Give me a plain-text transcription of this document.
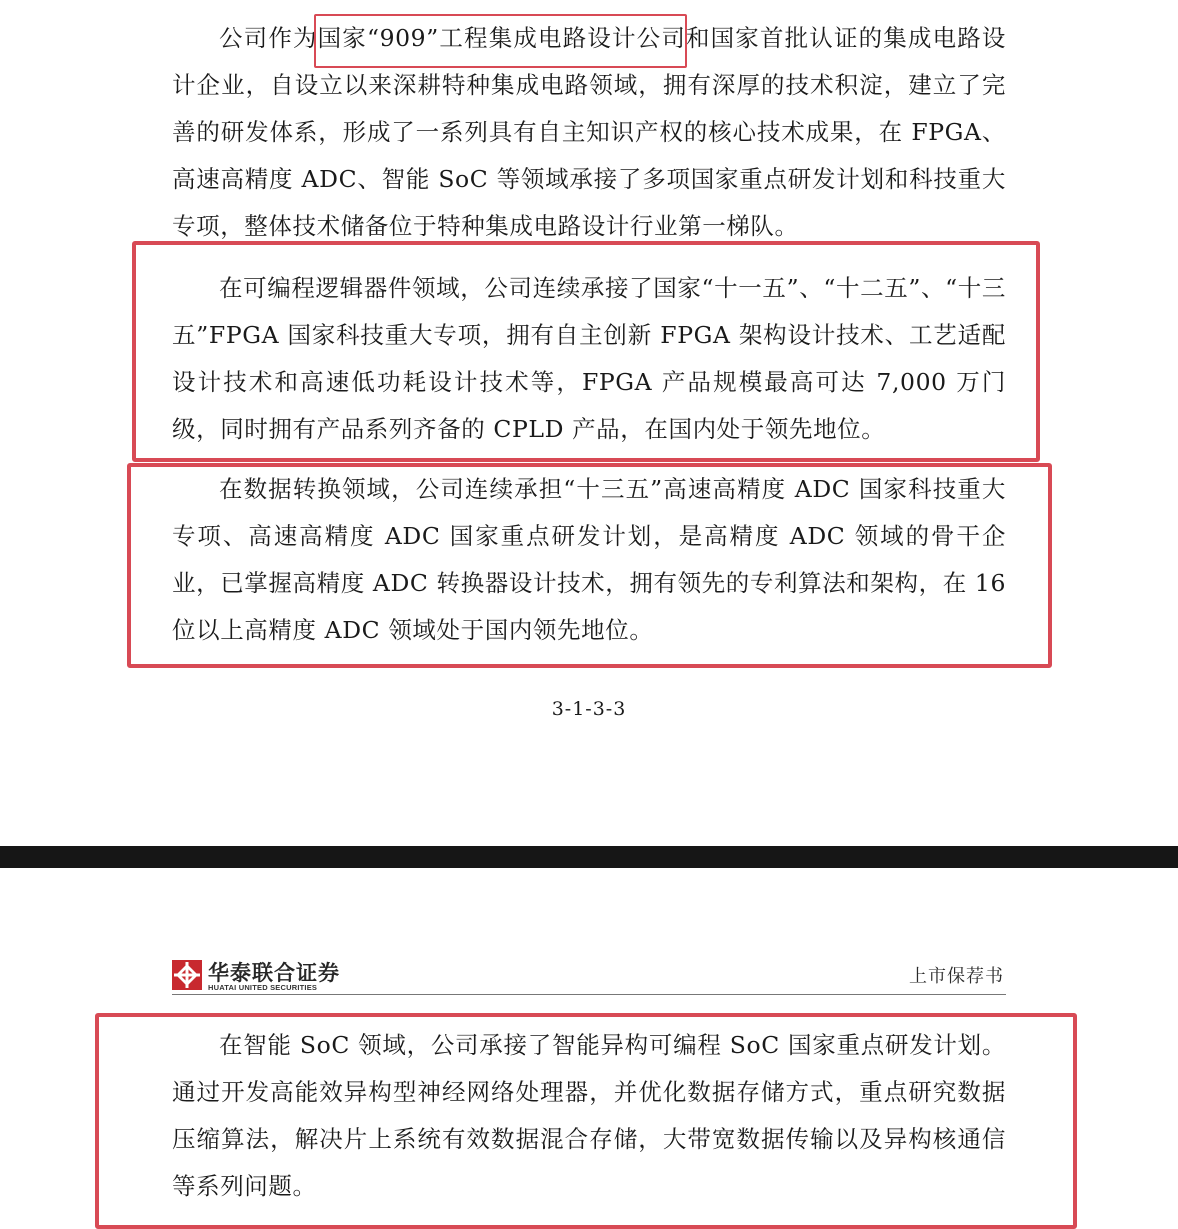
公司作为国家“909”工程集成电路设计公司和国家首批认证的集成电路设计企业，自设立以来深耕特种集成电路领域，拥有深厚的技术积淀，建立了完善的研发体系，形成了一系列具有自主知识产权的核心技术成果，在 FPGA、高速高精度 ADC、智能 SoC 等领域承接了多项国家重点研发计划和科技重大专项，整体技术储备位于特种集成电路设计行业第一梯队。

在可编程逻辑器件领域，公司连续承接了国家“十一五”、“十二五”、“十三五”FPGA 国家科技重大专项，拥有自主创新 FPGA 架构设计技术、工艺适配设计技术和高速低功耗设计技术等，FPGA 产品规模最高可达 7,000 万门级，同时拥有产品系列齐备的 CPLD 产品，在国内处于领先地位。

在数据转换领域，公司连续承担“十三五”高速高精度 ADC 国家科技重大专项、高速高精度 ADC 国家重点研发计划，是高精度 ADC 领域的骨干企业，已掌握高精度 ADC 转换器设计技术，拥有领先的专利算法和架构，在 16 位以上高精度 ADC 领域处于国内领先地位。

3-1-3-3
华泰联合证券
HUATAI UNITED SECURITIES
上市保荐书

在智能 SoC 领域，公司承接了智能异构可编程 SoC 国家重点研发计划。通过开发高能效异构型神经网络处理器，并优化数据存储方式，重点研究数据压缩算法，解决片上系统有效数据混合存储，大带宽数据传输以及异构核通信等系列问题。
